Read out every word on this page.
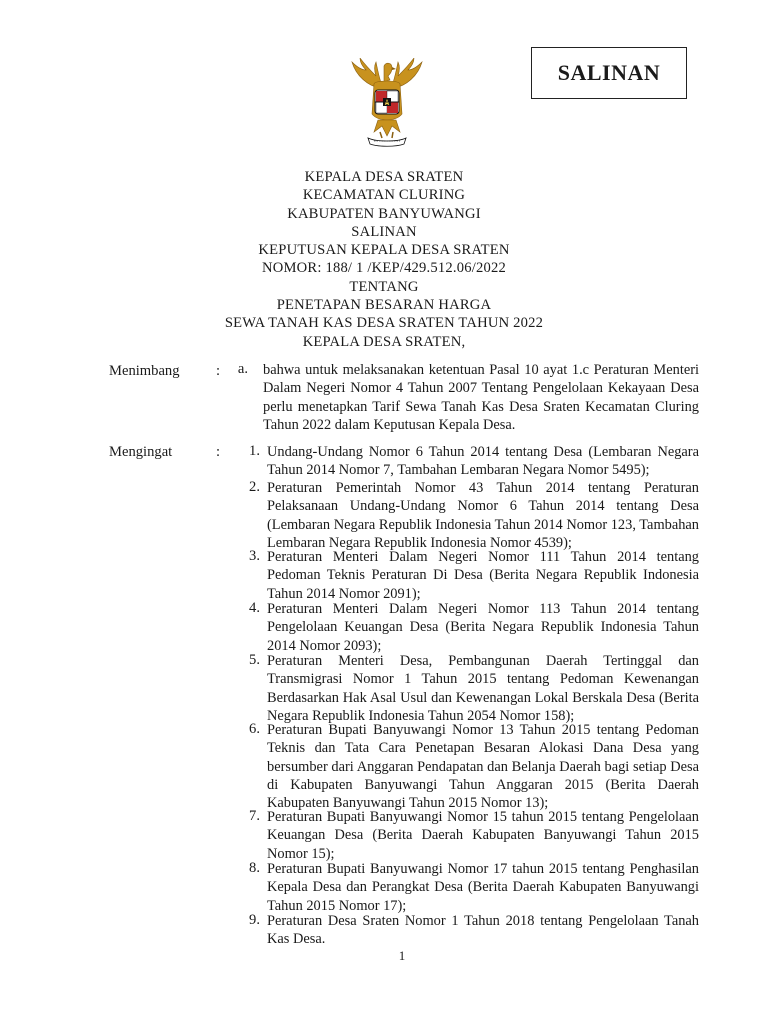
SALINAN
KEPALA DESA SRATEN
KECAMATAN CLURING
KABUPATEN BANYUWANGI
SALINAN
KEPUTUSAN KEPALA DESA SRATEN
NOMOR: 188/ 1 /KEP/429.512.06/2022
TENTANG
PENETAPAN BESARAN HARGA
SEWA TANAH KAS DESA SRATEN TAHUN 2022
KEPALA DESA SRATEN,
Menimbang :	a. bahwa untuk melaksanakan ketentuan Pasal 10 ayat 1.c Peraturan Menteri Dalam Negeri Nomor 4 Tahun 2007 Tentang Pengelolaan Kekayaan Desa perlu menetapkan Tarif Sewa Tanah Kas Desa Sraten Kecamatan Cluring Tahun 2022 dalam Keputusan Kepala Desa.
Mengingat	:	1. Undang-Undang Nomor 6 Tahun 2014 tentang Desa (Lembaran Negara Tahun 2014 Nomor 7, Tambahan Lembaran Negara Nomor 5495);
2. Peraturan Pemerintah Nomor 43 Tahun 2014 tentang Peraturan Pelaksanaan Undang-Undang Nomor 6 Tahun 2014 tentang Desa (Lembaran Negara Republik Indonesia Tahun 2014 Nomor 123, Tambahan Lembaran Negara Republik Indonesia Nomor 4539);
3. Peraturan Menteri Dalam Negeri Nomor 111 Tahun 2014 tentang Pedoman Teknis Peraturan Di Desa (Berita Negara Republik Indonesia Tahun 2014 Nomor 2091);
4. Peraturan Menteri Dalam Negeri Nomor 113 Tahun 2014 tentang Pengelolaan Keuangan Desa (Berita Negara Republik Indonesia Tahun 2014 Nomor 2093);
5. Peraturan Menteri Desa, Pembangunan Daerah Tertinggal dan Transmigrasi Nomor 1 Tahun 2015 tentang Pedoman Kewenangan Berdasarkan Hak Asal Usul dan Kewenangan Lokal Berskala Desa (Berita Negara Republik Indonesia Tahun 2054 Nomor 158);
6. Peraturan Bupati Banyuwangi Nomor 13 Tahun 2015 tentang Pedoman Teknis dan Tata Cara Penetapan Besaran Alokasi Dana Desa yang bersumber dari Anggaran Pendapatan dan Belanja Daerah bagi setiap Desa di Kabupaten Banyuwangi Tahun Anggaran 2015 (Berita Daerah Kabupaten Banyuwangi Tahun 2015 Nomor 13);
7. Peraturan Bupati Banyuwangi Nomor 15 tahun 2015 tentang Pengelolaan Keuangan Desa (Berita Daerah Kabupaten Banyuwangi Tahun 2015 Nomor 15);
8. Peraturan Bupati Banyuwangi Nomor 17 tahun 2015 tentang Penghasilan Kepala Desa dan Perangkat Desa (Berita Daerah Kabupaten Banyuwangi Tahun 2015 Nomor 17);
9. Peraturan Desa Sraten Nomor 1 Tahun 2018 tentang Pengelolaan Tanah Kas Desa.
1
